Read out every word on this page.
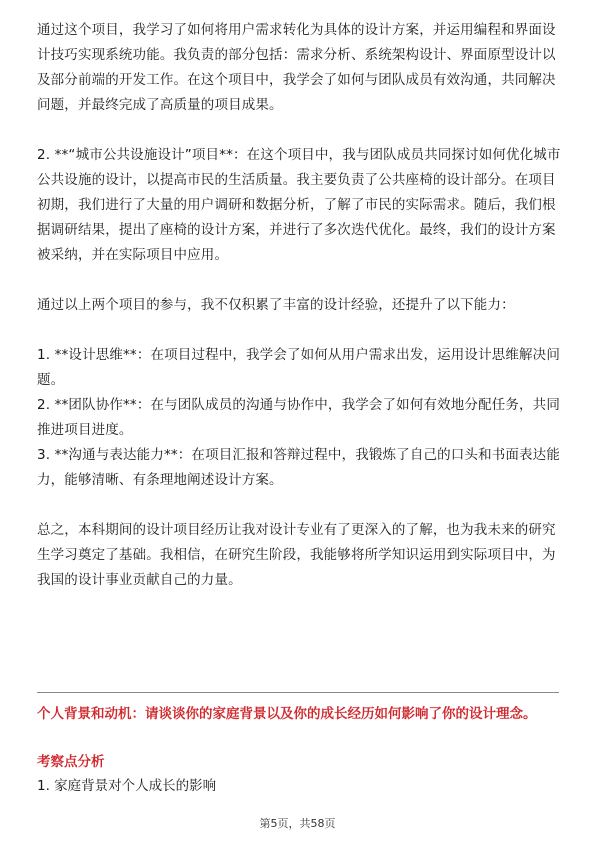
通过这个项目，我学习了如何将用户需求转化为具体的设计方案，并运用编程和界面设计技巧实现系统功能。我负责的部分包括：需求分析、系统架构设计、界面原型设计以及部分前端的开发工作。在这个项目中，我学会了如何与团队成员有效沟通，共同解决问题，并最终完成了高质量的项目成果。

2. **“城市公共设施设计”项目**：在这个项目中，我与团队成员共同探讨如何优化城市公共设施的设计，以提高市民的生活质量。我主要负责了公共座椅的设计部分。在项目初期，我们进行了大量的用户调研和数据分析，了解了市民的实际需求。随后，我们根据调研结果，提出了座椅的设计方案，并进行了多次迭代优化。最终，我们的设计方案被采纳，并在实际项目中应用。

通过以上两个项目的参与，我不仅积累了丰富的设计经验，还提升了以下能力：

1. **设计思维**：在项目过程中，我学会了如何从用户需求出发，运用设计思维解决问题。

2. **团队协作**：在与团队成员的沟通与协作中，我学会了如何有效地分配任务，共同推进项目进度。

3. **沟通与表达能力**：在项目汇报和答辩过程中，我锻炼了自己的口头和书面表达能力，能够清晰、有条理地阐述设计方案。

总之，本科期间的设计项目经历让我对设计专业有了更深入的了解，也为我未来的研究生学习奠定了基础。我相信，在研究生阶段，我能够将所学知识运用到实际项目中，为我国的设计事业贡献自己的力量。

个人背景和动机：请谈谈你的家庭背景以及你的成长经历如何影响了你的设计理念。

考察点分析

1. 家庭背景对个人成长的影响

第5页，共58页
